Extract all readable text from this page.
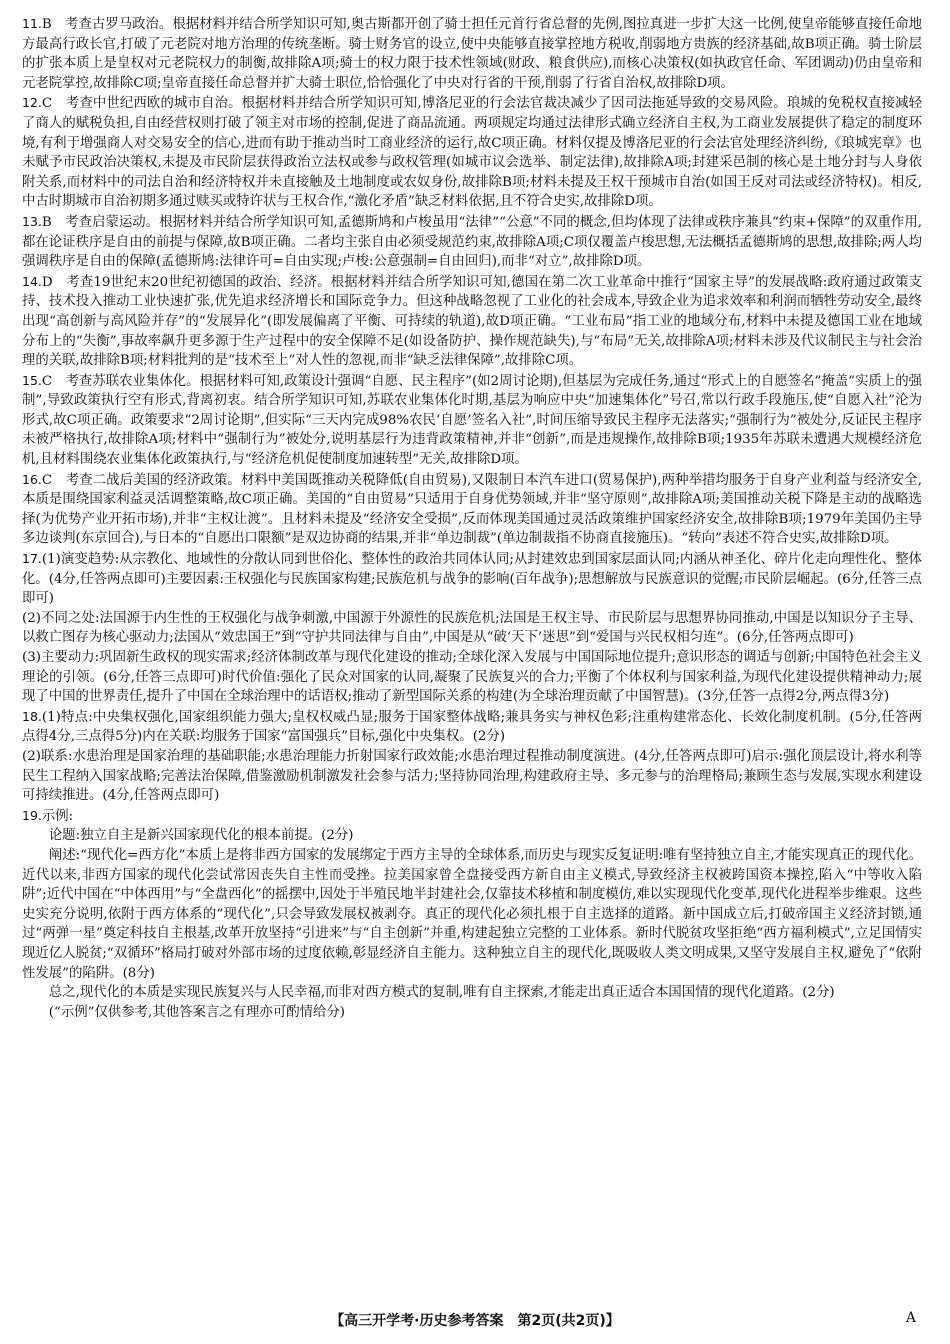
11.B　考查古罗马政治。根据材料并结合所学知识可知,奥古斯都开创了骑士担任元首行省总督的先例,图拉真进一步扩大这一比例,使皇帝能够直接任命地方最高行政长官,打破了元老院对地方治理的传统垄断。骑士财务官的设立,使中央能够直接掌控地方税收,削弱地方贵族的经济基础,故B项正确。骑士阶层的扩张本质上是皇权对元老院权力的制衡,故排除A项;骑士的权力限于技术性领域(财政、粮食供应),而核心决策权(如执政官任命、军团调动)仍由皇帝和元老院掌控,故排除C项;皇帝直接任命总督并扩大骑士职位,恰恰强化了中央对行省的干预,削弱了行省自治权,故排除D项。

12.C　考查中世纪西欧的城市自治。根据材料并结合所学知识可知,博洛尼亚的行会法官裁决减少了因司法拖延导致的交易风险。琅城的免税权直接减轻了商人的赋税负担,自由经营权则打破了领主对市场的控制,促进了商品流通。两项规定均通过法律形式确立经济自主权,为工商业发展提供了稳定的制度环境,有利于增强商人对交易安全的信心,进而有助于推动当时工商业经济的运行,故C项正确。材料仅提及博洛尼亚的行会法官处理经济纠纷,《琅城宪章》也未赋予市民政治决策权,未提及市民阶层获得政治立法权或参与政权管理(如城市议会选举、制定法律),故排除A项;封建采邑制的核心是土地分封与人身依附关系,而材料中的司法自治和经济特权并未直接触及土地制度或农奴身份,故排除B项;材料未提及王权干预城市自治(如国王反对司法或经济特权)。相反,中古时期城市自治初期多通过赎买或特许状与王权合作,“激化矛盾”缺乏材料依据,且不符合史实,故排除D项。

13.B　考查启蒙运动。根据材料并结合所学知识可知,孟德斯鸠和卢梭虽用“法律”“公意”不同的概念,但均体现了法律或秩序兼具“约束+保障”的双重作用,都在论证秩序是自由的前提与保障,故B项正确。二者均主张自由必须受规范约束,故排除A项;C项仅覆盖卢梭思想,无法概括孟德斯鸠的思想,故排除;两人均强调秩序是自由的保障(孟德斯鸠:法律许可=自由实现;卢梭:公意强制=自由回归),而非“对立”,故排除D项。

14.D　考查19世纪末20世纪初德国的政治、经济。根据材料并结合所学知识可知,德国在第二次工业革命中推行“国家主导”的发展战略:政府通过政策支持、技术投入推动工业快速扩张,优先追求经济增长和国际竞争力。但这种战略忽视了工业化的社会成本,导致企业为追求效率和利润而牺牲劳动安全,最终出现“高创新与高风险并存”的“发展异化”(即发展偏离了平衡、可持续的轨道),故D项正确。“工业布局”指工业的地域分布,材料中未提及德国工业在地域分布上的“失衡”,事故率飙升更多源于生产过程中的安全保障不足(如设备防护、操作规范缺失),与“布局”无关,故排除A项;材料未涉及代议制民主与社会治理的关联,故排除B项;材料批判的是“技术至上”对人性的忽视,而非“缺乏法律保障”,故排除C项。

15.C　考查苏联农业集体化。根据材料可知,政策设计强调“自愿、民主程序”(如2周讨论期),但基层为完成任务,通过“形式上的自愿签名”掩盖“实质上的强制”,导致政策执行空有形式,背离初衷。结合所学知识可知,苏联农业集体化时期,基层为响应中央“加速集体化”号召,常以行政手段施压,使“自愿入社”沦为形式,故C项正确。政策要求“2周讨论期”,但实际“三天内完成98%农民‘自愿’签名入社”,时间压缩导致民主程序无法落实;“强制行为”被处分,反证民主程序未被严格执行,故排除A项;材料中“强制行为”被处分,说明基层行为违背政策精神,并非“创新”,而是违规操作,故排除B项;1935年苏联未遭遇大规模经济危机,且材料围绕农业集体化政策执行,与“经济危机促使制度加速转型”无关,故排除D项。

16.C　考查二战后美国的经济政策。材料中美国既推动关税降低(自由贸易),又限制日本汽车进口(贸易保护),两种举措均服务于自身产业利益与经济安全,本质是围绕国家利益灵活调整策略,故C项正确。美国的“自由贸易”只适用于自身优势领域,并非“坚守原则”,故排除A项;美国推动关税下降是主动的战略选择(为优势产业开拓市场),并非“主权让渡”。且材料未提及“经济安全受损”,反而体现美国通过灵活政策维护国家经济安全,故排除B项;1979年美国仍主导多边谈判(东京回合),与日本的“自愿出口限额”是双边协商的结果,并非“单边制裁”(单边制裁指不协商直接施压)。“转向”表述不符合史实,故排除D项。

17.(1)演变趋势:从宗教化、地域性的分散认同到世俗化、整体性的政治共同体认同;从封建效忠到国家层面认同;内涵从神圣化、碎片化走向理性化、整体化。(4分,任答两点即可)主要因素:王权强化与民族国家构建;民族危机与战争的影响(百年战争);思想解放与民族意识的觉醒;市民阶层崛起。(6分,任答三点即可)

(2)不同之处:法国源于内生性的王权强化与战争刺激,中国源于外源性的民族危机;法国是王权主导、市民阶层与思想界协同推动,中国是以知识分子主导、以救亡图存为核心驱动力;法国从“效忠国王”到“守护共同法律与自由”,中国是从“破‘天下’迷思”到“爱国与兴民权相匀连”。(6分,任答两点即可)

(3)主要动力:巩固新生政权的现实需求;经济体制改革与现代化建设的推动;全球化深入发展与中国国际地位提升;意识形态的调适与创新;中国特色社会主义理论的引领。(6分,任答三点即可)时代价值:强化了民众对国家的认同,凝聚了民族复兴的合力;平衡了个体权利与国家利益,为现代化建设提供精神动力;展现了中国的世界责任,提升了中国在全球治理中的话语权;推动了新型国际关系的构建(为全球治理贡献了中国智慧)。(3分,任答一点得2分,两点得3分)

18.(1)特点:中央集权强化,国家组织能力强大;皇权权威凸显;服务于国家整体战略;兼具务实与神权色彩;注重构建常态化、长效化制度机制。(5分,任答两点得4分,三点得5分)内在关联:均服务于国家“富国强兵”目标,强化中央集权。(2分)

(2)联系:水患治理是国家治理的基础职能;水患治理能力折射国家行政效能;水患治理过程推动制度演进。(4分,任答两点即可)启示:强化顶层设计,将水利等民生工程纳入国家战略;完善法治保障,借鉴激励机制激发社会参与活力;坚持协同治理,构建政府主导、多元参与的治理格局;兼顾生态与发展,实现水利建设可持续推进。(4分,任答两点即可)

19.示例:

论题:独立自主是新兴国家现代化的根本前提。(2分)

阐述:“现代化=西方化”本质上是将非西方国家的发展绑定于西方主导的全球体系,而历史与现实反复证明:唯有坚持独立自主,才能实现真正的现代化。近代以来,非西方国家的现代化尝试常因丧失自主性而受挫。拉美国家曾全盘接受西方新自由主义模式,导致经济主权被跨国资本操控,陷入“中等收入陷阱”;近代中国在“中体西用”与“全盘西化”的摇摆中,因处于半殖民地半封建社会,仅靠技术移植和制度模仿,难以实现现代化变革,现代化进程举步维艰。这些史实充分说明,依附于西方体系的“现代化”,只会导致发展权被剥夺。真正的现代化必须扎根于自主选择的道路。新中国成立后,打破帝国主义经济封锁,通过“两弹一星”奠定科技自主根基,改革开放坚持“引进来”与“自主创新”并重,构建起独立完整的工业体系。新时代脱贫攻坚拒绝“西方福利模式”,立足国情实现近亿人脱贫;“双循环”格局打破对外部市场的过度依赖,彰显经济自主能力。这种独立自主的现代化,既吸收人类文明成果,又坚守发展自主权,避免了“依附性发展”的陷阱。(8分)

总之,现代化的本质是实现民族复兴与人民幸福,而非对西方模式的复制,唯有自主探索,才能走出真正适合本国国情的现代化道路。(2分)

(“示例”仅供参考,其他答案言之有理亦可酌情给分)

【高三开学考·历史参考答案　第2页(共2页)】	A
